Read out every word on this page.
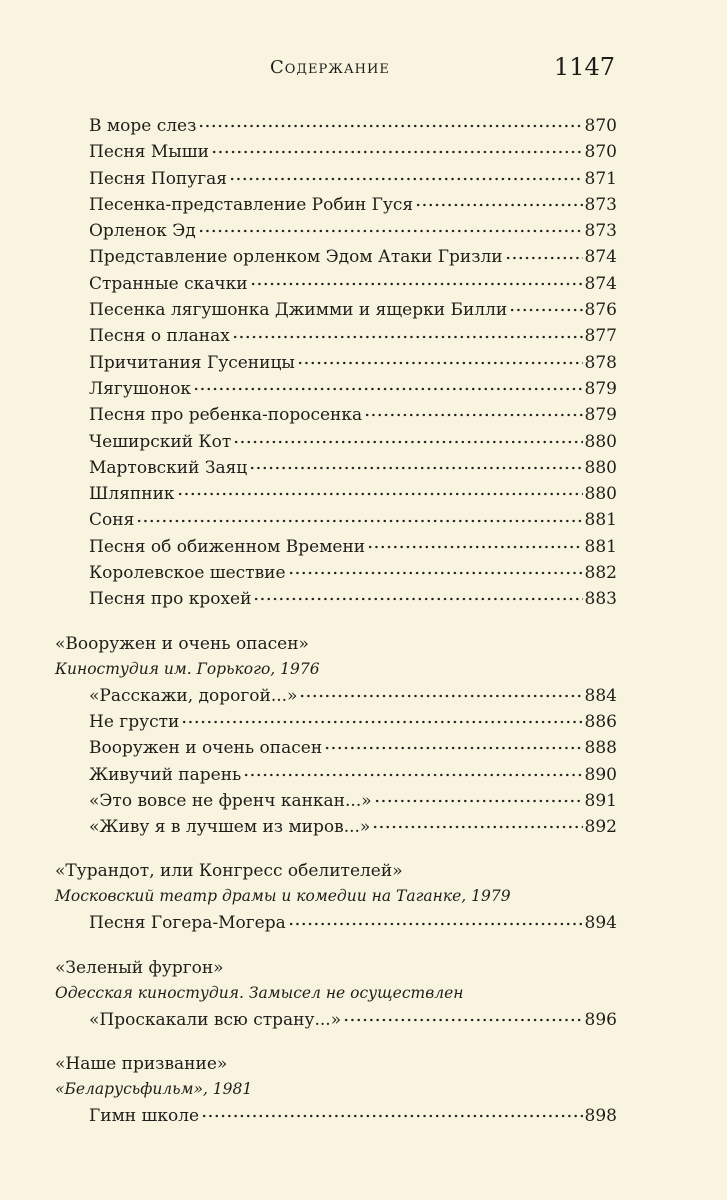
Содержание	1147
В море слез	870
Песня Мыши	870
Песня Попугая	871
Песенка-представление Робин Гуся	873
Орленок Эд	873
Представление орленком Эдом Атаки Гризли	874
Странные скачки	874
Песенка лягушонка Джимми и ящерки Билли	876
Песня о планах	877
Причитания Гусеницы	878
Лягушонок	879
Песня про ребенка-поросенка	879
Чеширский Кот	880
Мартовский Заяц	880
Шляпник	880
Соня	881
Песня об обиженном Времени	881
Королевское шествие	882
Песня про крохей	883
«Вооружен и очень опасен»
Киностудия им. Горького, 1976
«Расскажи, дорогой...»	884
Не грусти	886
Вооружен и очень опасен	888
Живучий парень	890
«Это вовсе не френч канкан...»	891
«Живу я в лучшем из миров...»	892
«Турандот, или Конгресс обелителей»
Московский театр драмы и комедии на Таганке, 1979
Песня Гогера-Могера	894
«Зеленый фургон»
Одесская киностудия. Замысел не осуществлен
«Проскакали всю страну...»	896
«Наше призвание»
«Беларусьфильм», 1981
Гимн школе	898
